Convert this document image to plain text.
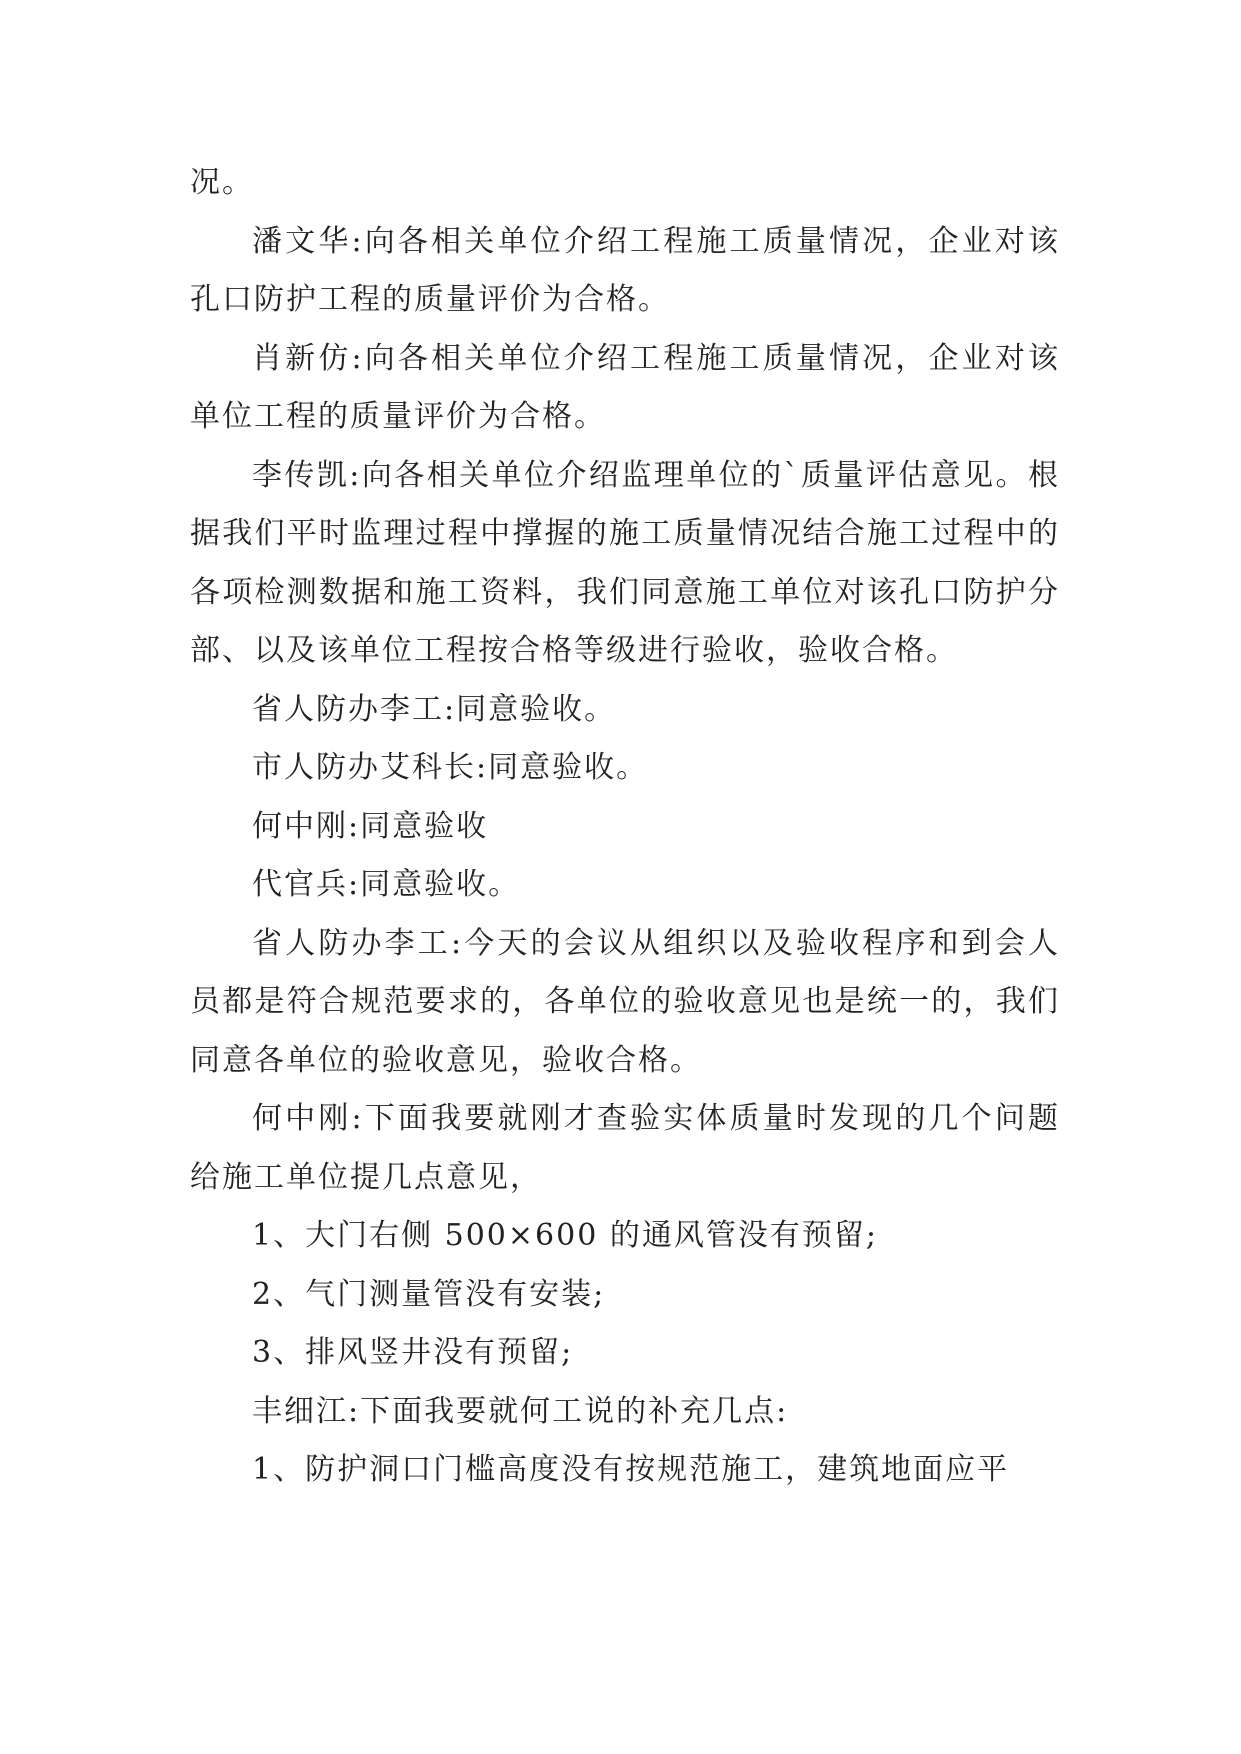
况。

潘文华:向各相关单位介绍工程施工质量情况，企业对该孔口防护工程的质量评价为合格。

肖新仿:向各相关单位介绍工程施工质量情况，企业对该单位工程的质量评价为合格。

李传凯:向各相关单位介绍监理单位的`质量评估意见。根据我们平时监理过程中撑握的施工质量情况结合施工过程中的各项检测数据和施工资料，我们同意施工单位对该孔口防护分部、以及该单位工程按合格等级进行验收，验收合格。

省人防办李工:同意验收。

市人防办艾科长:同意验收。

何中刚:同意验收

代官兵:同意验收。

省人防办李工:今天的会议从组织以及验收程序和到会人员都是符合规范要求的，各单位的验收意见也是统一的，我们同意各单位的验收意见，验收合格。

何中刚:下面我要就刚才查验实体质量时发现的几个问题给施工单位提几点意见，

1、大门右侧 500×600 的通风管没有预留;

2、气门测量管没有安装;

3、排风竖井没有预留;

丰细江:下面我要就何工说的补充几点:

1、防护洞口门槛高度没有按规范施工，建筑地面应平
